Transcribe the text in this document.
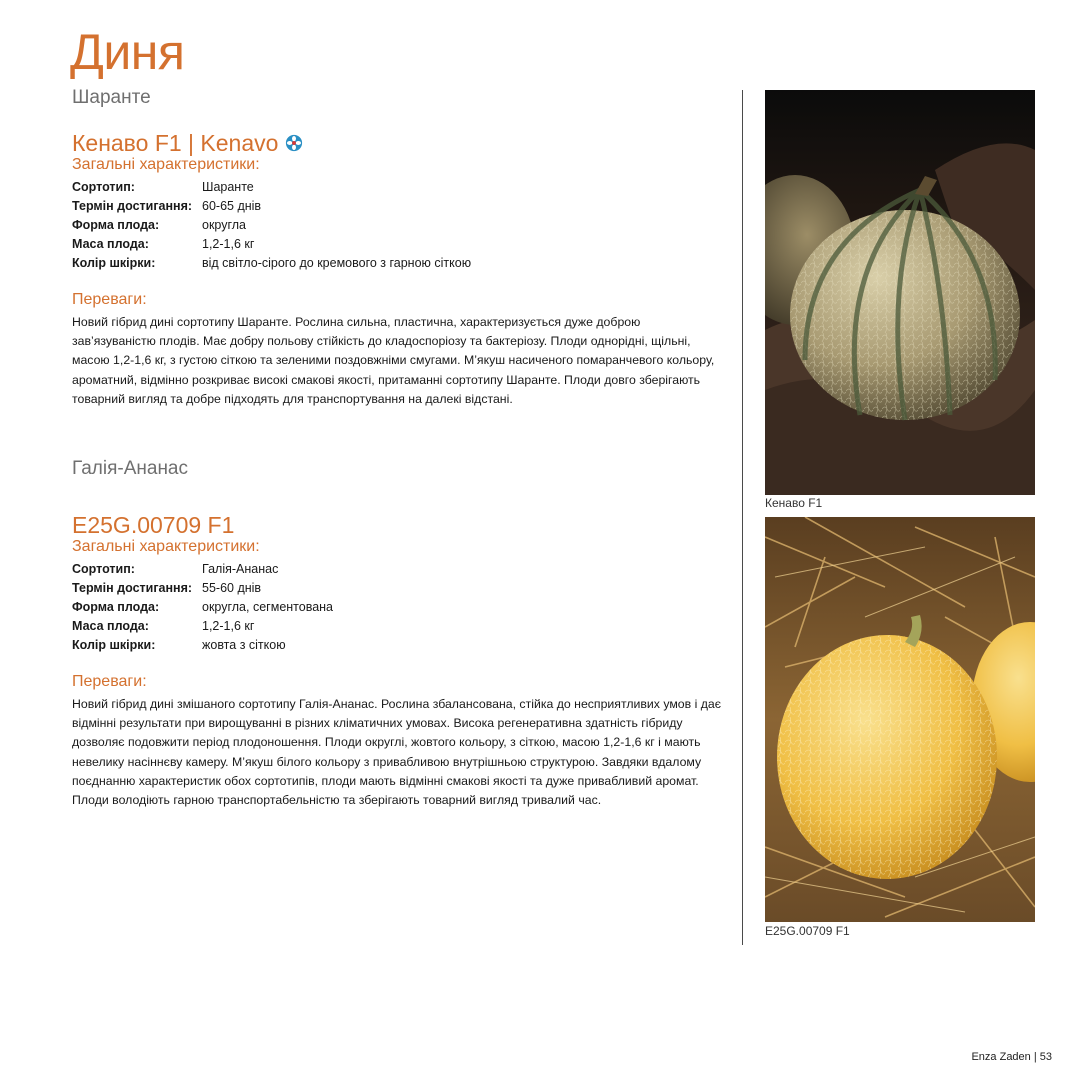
Диня
Шаранте
Кенаво F1 | Kenavo
Загальні характеристики:
Сортотип:	Шаранте
Термін достигання:	60-65 днів
Форма плода:	округла
Маса плода:	1,2-1,6 кг
Колір шкірки:	від світло-сірого до кремового з гарною сіткою
Переваги:

Новий гібрид дині сортотипу Шаранте. Рослина сильна, пластична, характеризується дуже доброю зав’язуваністю плодів. Має добру польову стійкість до кладоспоріозу та бактеріозу. Плоди однорідні, щільні, масою 1,2-1,6 кг, з густою сіткою та зеленими поздовжніми смугами. М’якуш насиченого помаранчевого кольору, ароматний, відмінно розкриває високі смакові якості, притаманні сортотипу Шаранте. Плоди довго зберігають товарний вигляд та добре підходять для транспортування на далекі відстані.

Галія-Ананас
E25G.00709 F1
Загальні характеристики:
Сортотип:	Галія-Ананас
Термін достигання:	55-60 днів
Форма плода:	округла, сегментована
Маса плода:	1,2-1,6 кг
Колір шкірки:	жовта з сіткою
Переваги:

Новий гібрид дині змішаного сортотипу Галія-Ананас. Рослина збалансована, стійка до несприятливих умов і дає відмінні результати при вирощуванні в різних кліматичних умовах. Висока регенеративна здатність гібриду дозволяє подовжити період плодоношення. Плоди округлі, жовтого кольору, з сіткою, масою 1,2-1,6 кг і мають невелику насіннєву камеру. М’якуш білого кольору з привабливою внутрішньою структурою. Завдяки вдалому поєднанню характеристик обох сортотипів, плоди мають відмінні смакові якості та дуже привабливий аромат. Плоди володіють гарною транспортабельністю та зберігають товарний вигляд тривалий час.

Кенаво F1
E25G.00709 F1
Enza Zaden | 53
